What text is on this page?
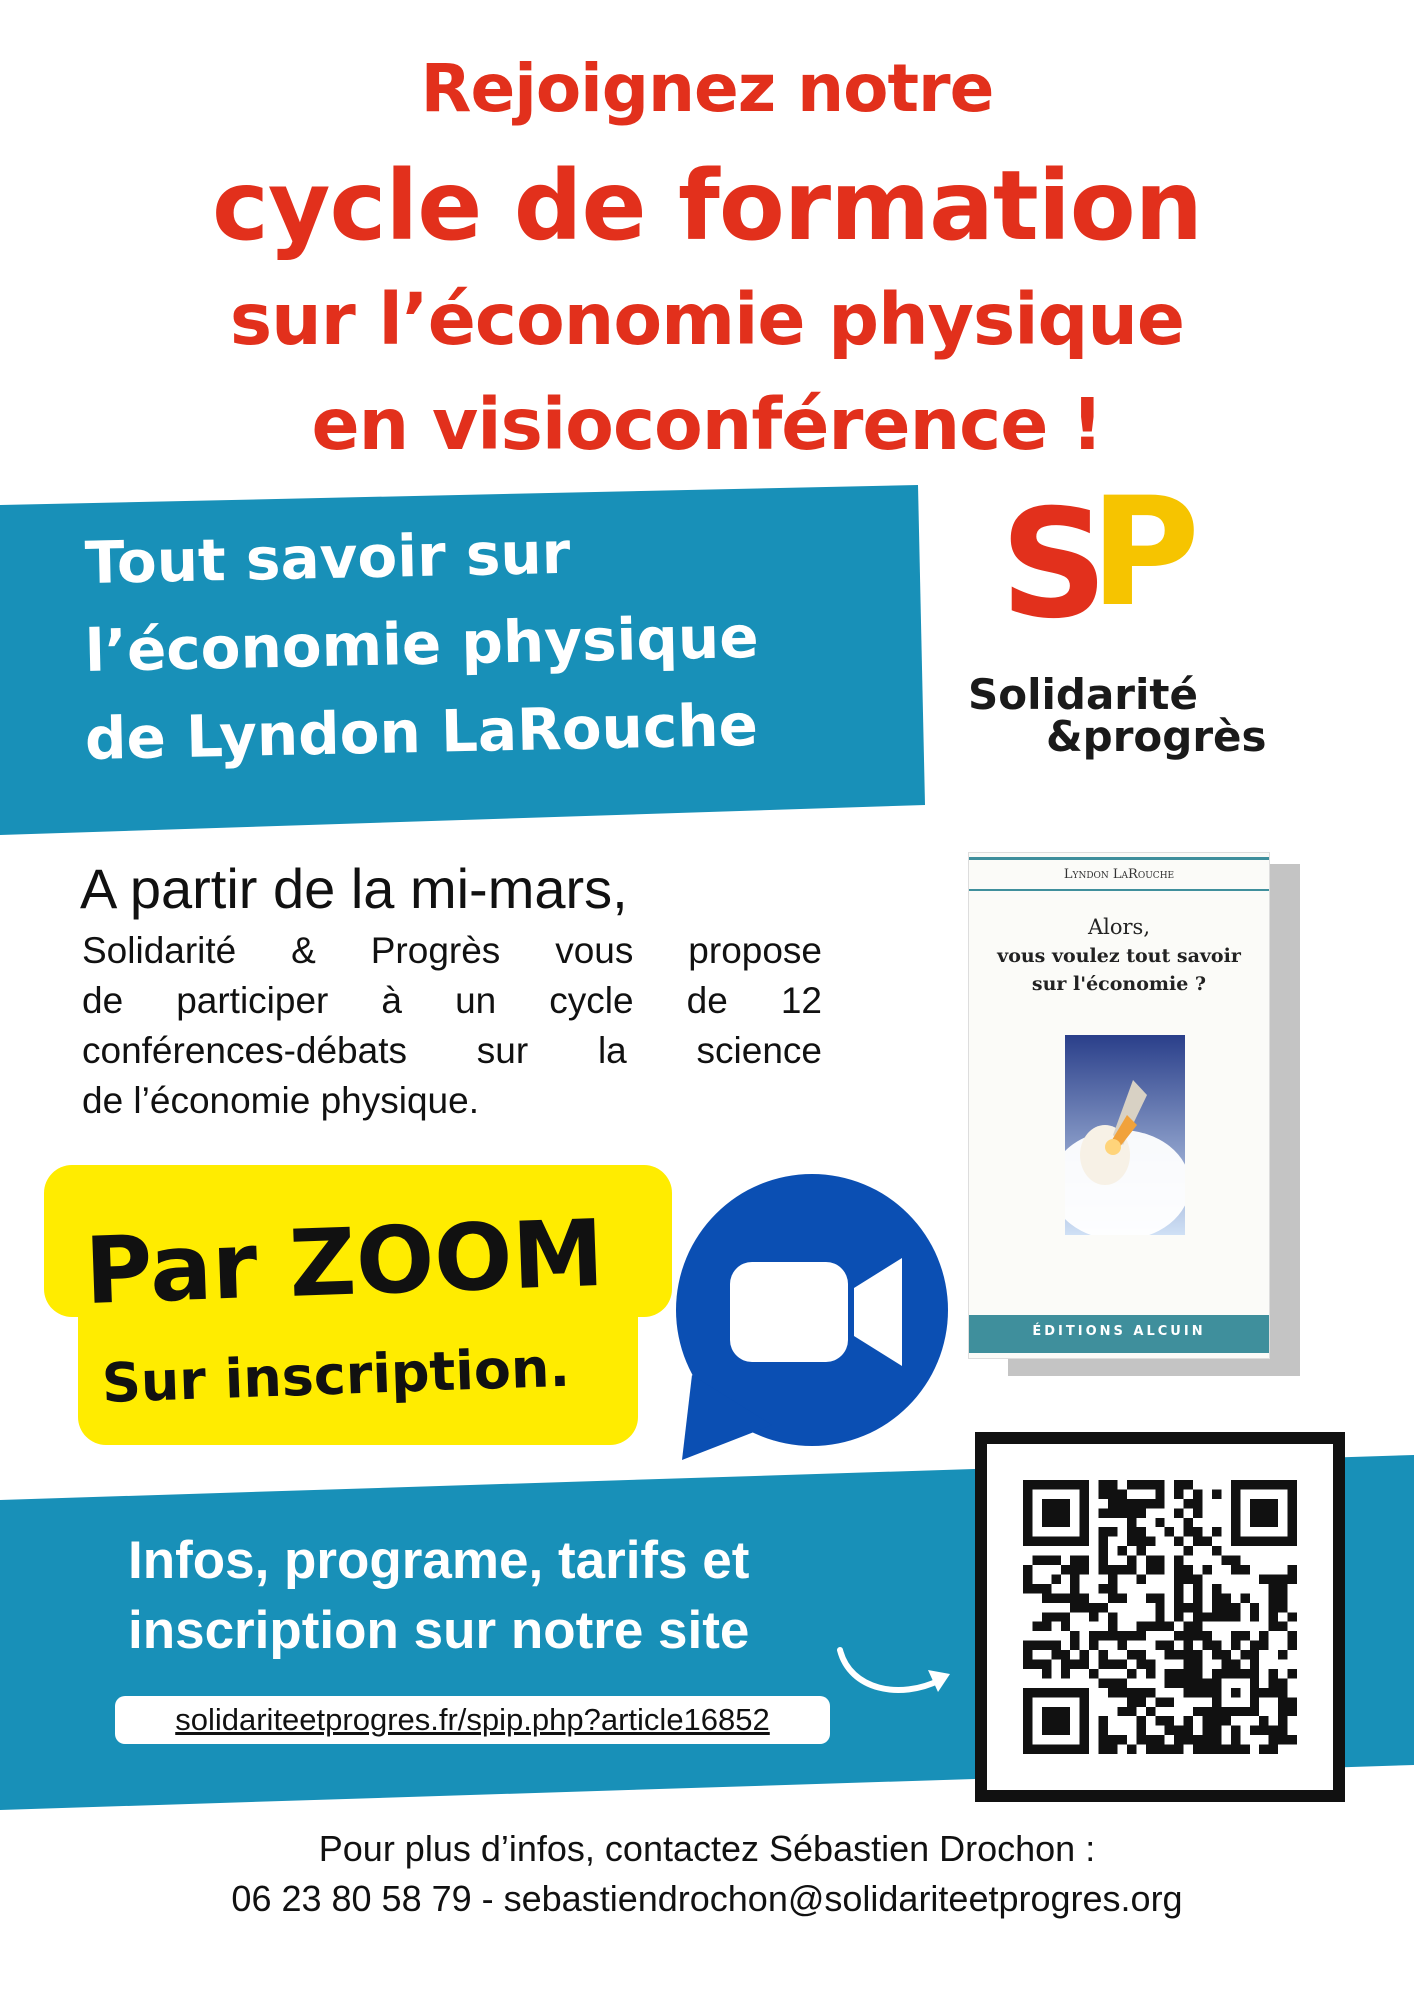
Rejoignez notre
cycle de formation
sur l’économie physique
en visioconférence !
Tout savoir sur
l’économie physique
de Lyndon LaRouche
S
P
Solidarité
&progrès
A partir de la mi-mars,
Solidarité & Progrès vous propose
de participer à un cycle de 12
conférences-débats sur la science
de l’économie physique.
Lyndon LaRouche
Alors,
vous voulez tout savoir
sur l'économie ?
ÉDITIONS ALCUIN
Par ZOOM
Sur inscription.
Infos, programe, tarifs et
inscription sur notre site
solidariteetprogres.fr/spip.php?article16852
Pour plus d’infos, contactez Sébastien Drochon :
06 23 80 58 79 - sebastiendrochon@solidariteetprogres.org
